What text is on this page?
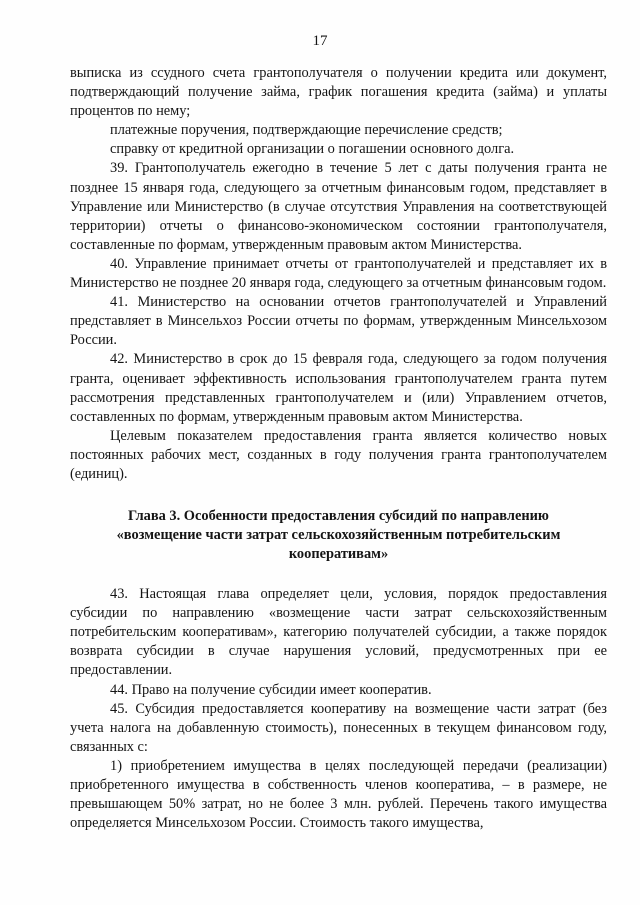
17

выписка из ссудного счета грантополучателя о получении кредита или документ, подтверждающий получение займа, график погашения кредита (займа) и уплаты процентов по нему;

платежные поручения, подтверждающие перечисление средств;

справку от кредитной организации о погашении основного долга.

39. Грантополучатель ежегодно в течение 5 лет с даты получения гранта не позднее 15 января года, следующего за отчетным финансовым годом, представляет в Управление или Министерство (в случае отсутствия Управления на соответствующей территории) отчеты о финансово-экономическом состоянии грантополучателя, составленные по формам, утвержденным правовым актом Министерства.

40. Управление принимает отчеты от грантополучателей и представляет их в Министерство не позднее 20 января года, следующего за отчетным финансовым годом.

41. Министерство на основании отчетов грантополучателей и Управлений представляет в Минсельхоз России отчеты по формам, утвержденным Минсельхозом России.

42. Министерство в срок до 15 февраля года, следующего за годом получения гранта, оценивает эффективность использования грантополучателем гранта путем рассмотрения представленных грантополучателем и (или) Управлением отчетов, составленных по формам, утвержденным правовым актом Министерства.

Целевым показателем предоставления гранта является количество новых постоянных рабочих мест, созданных в году получения гранта грантополучателем (единиц).

Глава 3. Особенности предоставления субсидий по направлению
«возмещение части затрат сельскохозяйственным потребительским
кооперативам»

43. Настоящая глава определяет цели, условия, порядок предоставления субсидии по направлению «возмещение части затрат сельскохозяйственным потребительским кооперативам», категорию получателей субсидии, а также порядок возврата субсидии в случае нарушения условий, предусмотренных при ее предоставлении.

44. Право на получение субсидии имеет кооператив.

45. Субсидия предоставляется кооперативу на возмещение части затрат (без учета налога на добавленную стоимость), понесенных в текущем финансовом году, связанных с:

1) приобретением имущества в целях последующей передачи (реализации) приобретенного имущества в собственность членов кооператива, – в размере, не превышающем 50% затрат, но не более 3 млн. рублей. Перечень такого имущества определяется Минсельхозом России. Стоимость такого имущества,
